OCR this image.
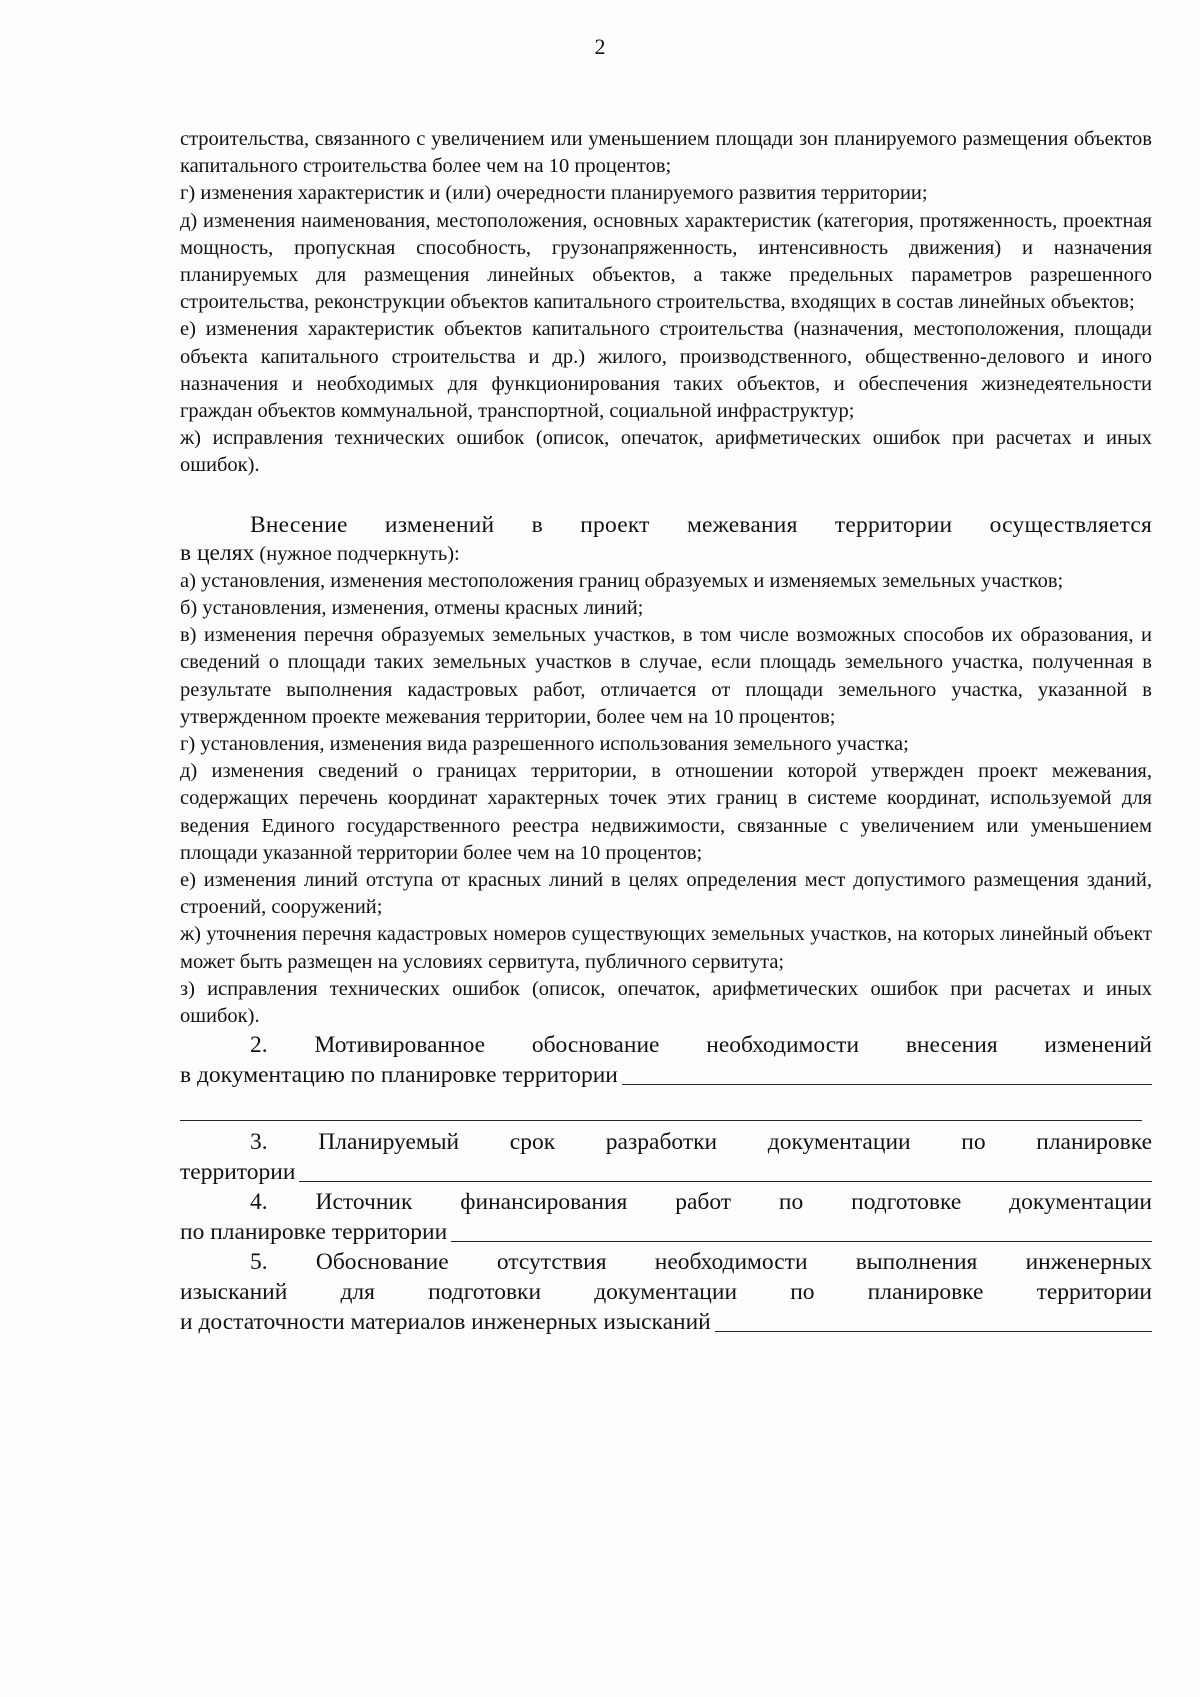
2

строительства, связанного с увеличением или уменьшением площади зон планируемого размещения объектов капитального строительства более чем на 10 процентов;

г) изменения характеристик и (или) очередности планируемого развития территории;

д) изменения наименования, местоположения, основных характеристик (категория, протяженность, проектная мощность, пропускная способность, грузонапряженность, интенсивность движения) и назначения планируемых для размещения линейных объектов, а также предельных параметров разрешенного строительства, реконструкции объектов капитального строительства, входящих в состав линейных объектов;

е) изменения характеристик объектов капитального строительства (назначения, местоположения, площади объекта капитального строительства и др.) жилого, производственного, общественно-делового и иного назначения и необходимых для функционирования таких объектов, и обеспечения жизнедеятельности граждан объектов коммунальной, транспортной, социальной инфраструктур;

ж) исправления технических ошибок (описок, опечаток, арифметических ошибок при расчетах и иных ошибок).

Внесение изменений в проект межевания территории осуществляется

в целях (нужное подчеркнуть):

а) установления, изменения местоположения границ образуемых и изменяемых земельных участков;

б) установления, изменения, отмены красных линий;

в) изменения перечня образуемых земельных участков, в том числе возможных способов их образования, и сведений о площади таких земельных участков в случае, если площадь земельного участка, полученная в результате выполнения кадастровых работ, отличается от площади земельного участка, указанной в утвержденном проекте межевания территории, более чем на 10 процентов;

г) установления, изменения вида разрешенного использования земельного участка;

д) изменения сведений о границах территории, в отношении которой утвержден проект межевания, содержащих перечень координат характерных точек этих границ в системе координат, используемой для ведения Единого государственного реестра недвижимости, связанные с увеличением или уменьшением площади указанной территории более чем на 10 процентов;

е) изменения линий отступа от красных линий в целях определения мест допустимого размещения зданий, строений, сооружений;

ж) уточнения перечня кадастровых номеров существующих земельных участков, на которых линейный объект может быть размещен на условиях сервитута, публичного сервитута;

з) исправления технических ошибок (описок, опечаток, арифметических ошибок при расчетах и иных ошибок).

2. Мотивированное обоснование необходимости внесения изменений

в документацию по планировке территории

3. Планируемый срок разработки документации по планировке

территории

4. Источник финансирования работ по подготовке документации

по планировке территории

5. Обоснование отсутствия необходимости выполнения инженерных

изысканий для подготовки документации по планировке территории

и достаточности материалов инженерных изысканий
